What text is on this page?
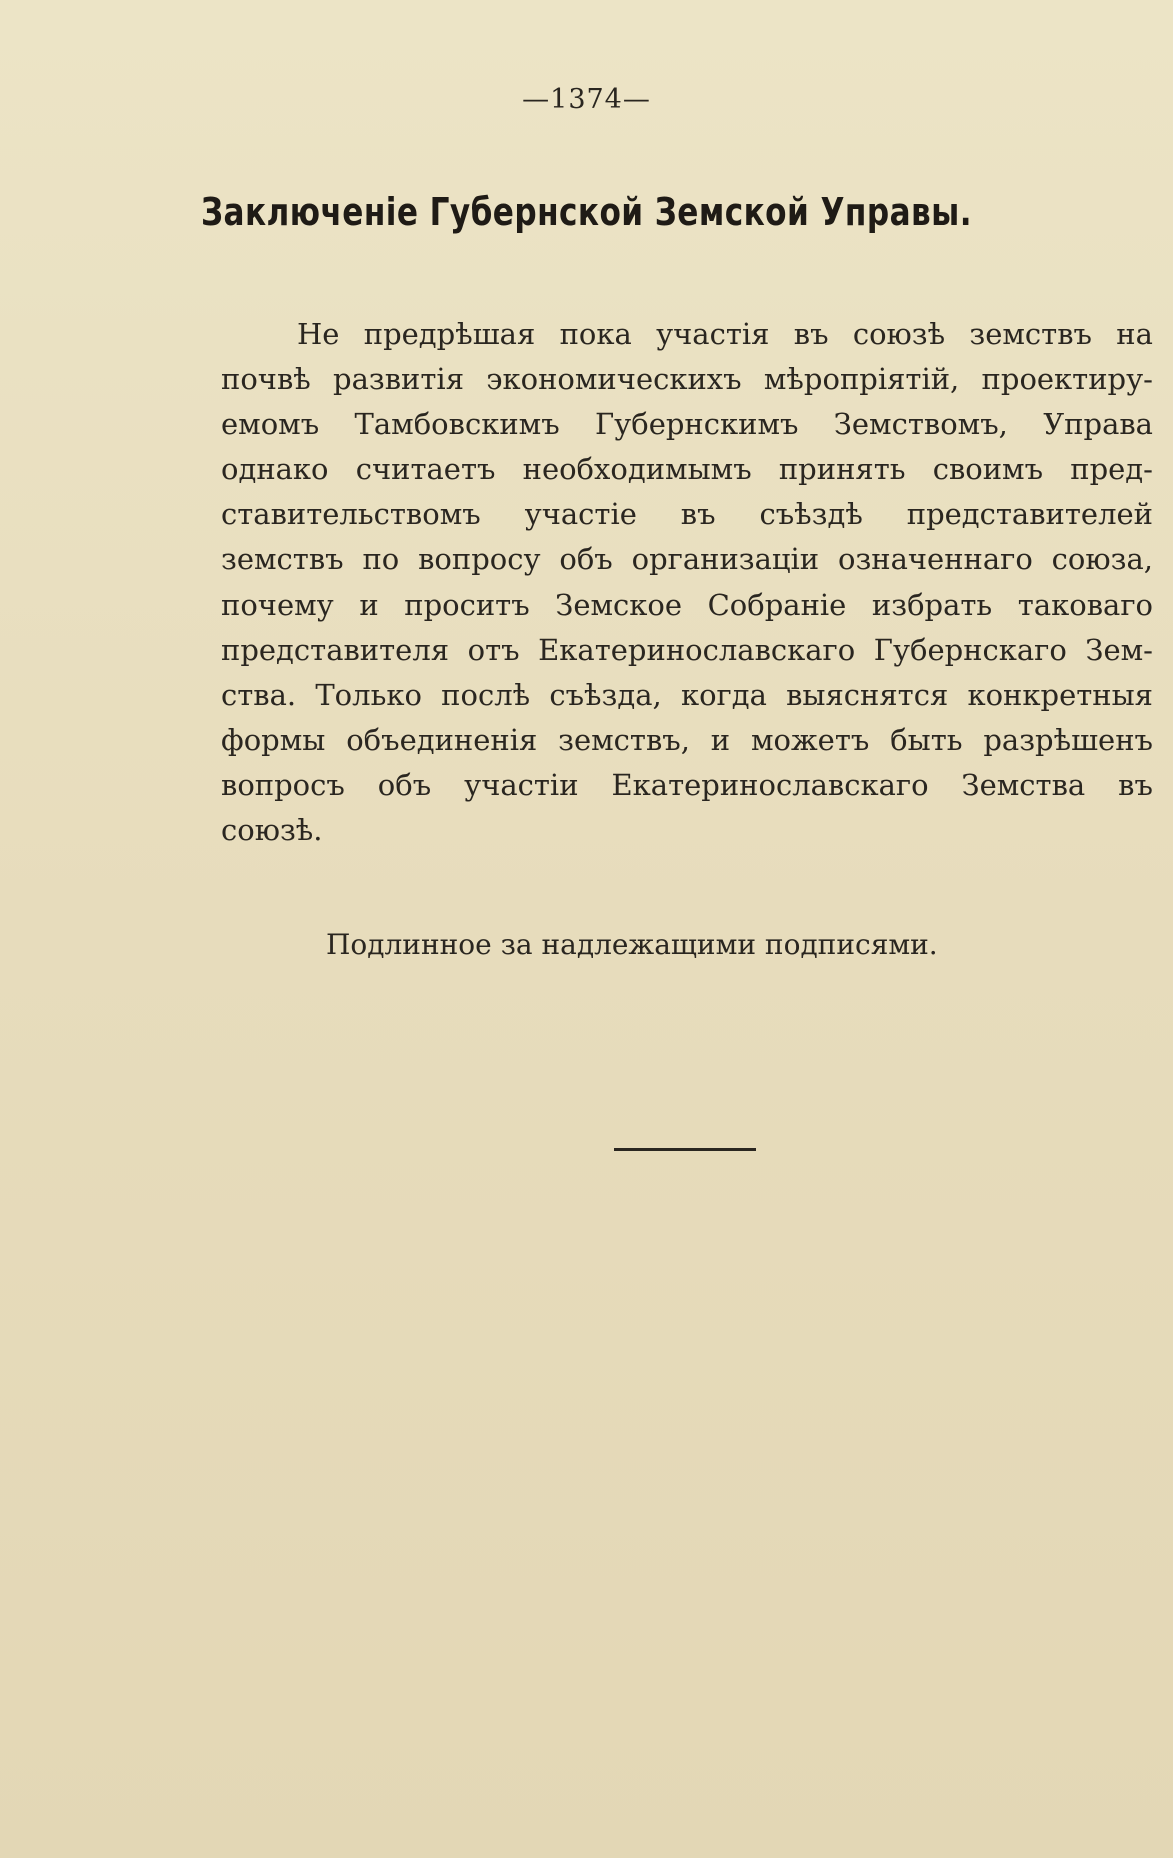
—1374—
Заключеніе Губернской Земской Управы.
Не предрѣшая пока участія въ союзѣ земствъ на
почвѣ развитія экономическихъ мѣропріятій, проектиру-
емомъ Тамбовскимъ Губернскимъ Земствомъ, Управа
однако считаетъ необходимымъ принять своимъ пред-
ставительствомъ участіе въ съѣздѣ представителей
земствъ по вопросу объ организаціи означеннаго союза,
почему и проситъ Земское Собраніе избрать таковаго
представителя отъ Екатеринославскаго Губернскаго Зем-
ства. Только послѣ съѣзда, когда выяснятся конкретныя
формы объединенія земствъ, и можетъ быть разрѣшенъ
вопросъ объ участіи Екатеринославскаго Земства въ
союзѣ.
Подлинное за надлежащими подписями.
